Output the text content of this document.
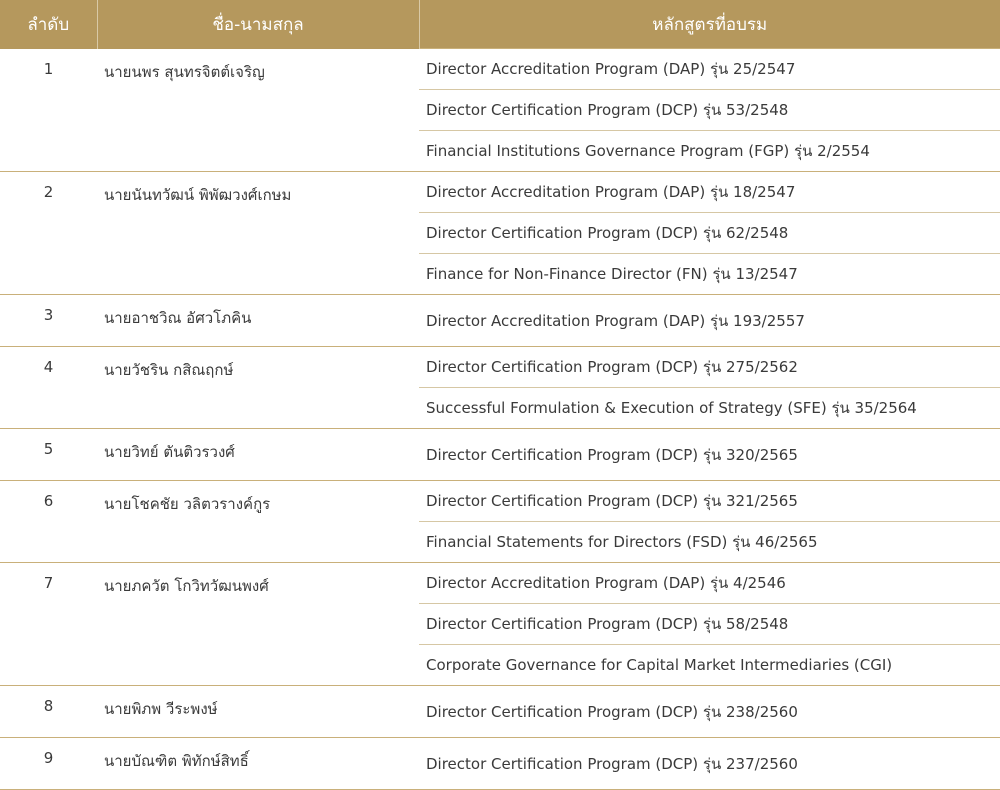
ลำดับ	ชื่อ-นามสกุล	หลักสูตรที่อบรม
1	นายนพร สุนทรจิตต์เจริญ	Director Accreditation Program (DAP) รุ่น 25/2547
		Director Certification Program (DCP) รุ่น 53/2548
		Financial Institutions Governance Program (FGP) รุ่น 2/2554
2	นายนันทวัฒน์ พิพัฒวงศ์เกษม	Director Accreditation Program (DAP) รุ่น 18/2547
		Director Certification Program (DCP) รุ่น 62/2548
		Finance for Non-Finance Director (FN) รุ่น 13/2547
3	นายอาชวิณ อัศวโภคิน	Director Accreditation Program (DAP) รุ่น 193/2557
4	นายวัชริน กสิณฤกษ์	Director Certification Program (DCP) รุ่น 275/2562
		Successful Formulation & Execution of Strategy (SFE) รุ่น 35/2564
5	นายวิทย์ ตันติวรวงศ์	Director Certification Program (DCP) รุ่น 320/2565
6	นายโชคชัย วลิตวรางค์กูร	Director Certification Program (DCP) รุ่น 321/2565
		Financial Statements for Directors (FSD) รุ่น 46/2565
7	นายภควัต โกวิทวัฒนพงศ์	Director Accreditation Program (DAP) รุ่น 4/2546
		Director Certification Program (DCP) รุ่น 58/2548
		Corporate Governance for Capital Market Intermediaries (CGI)
8	นายพิภพ วีระพงษ์	Director Certification Program (DCP) รุ่น 238/2560
9	นายบัณฑิต พิทักษ์สิทธิ์	Director Certification Program (DCP) รุ่น 237/2560
